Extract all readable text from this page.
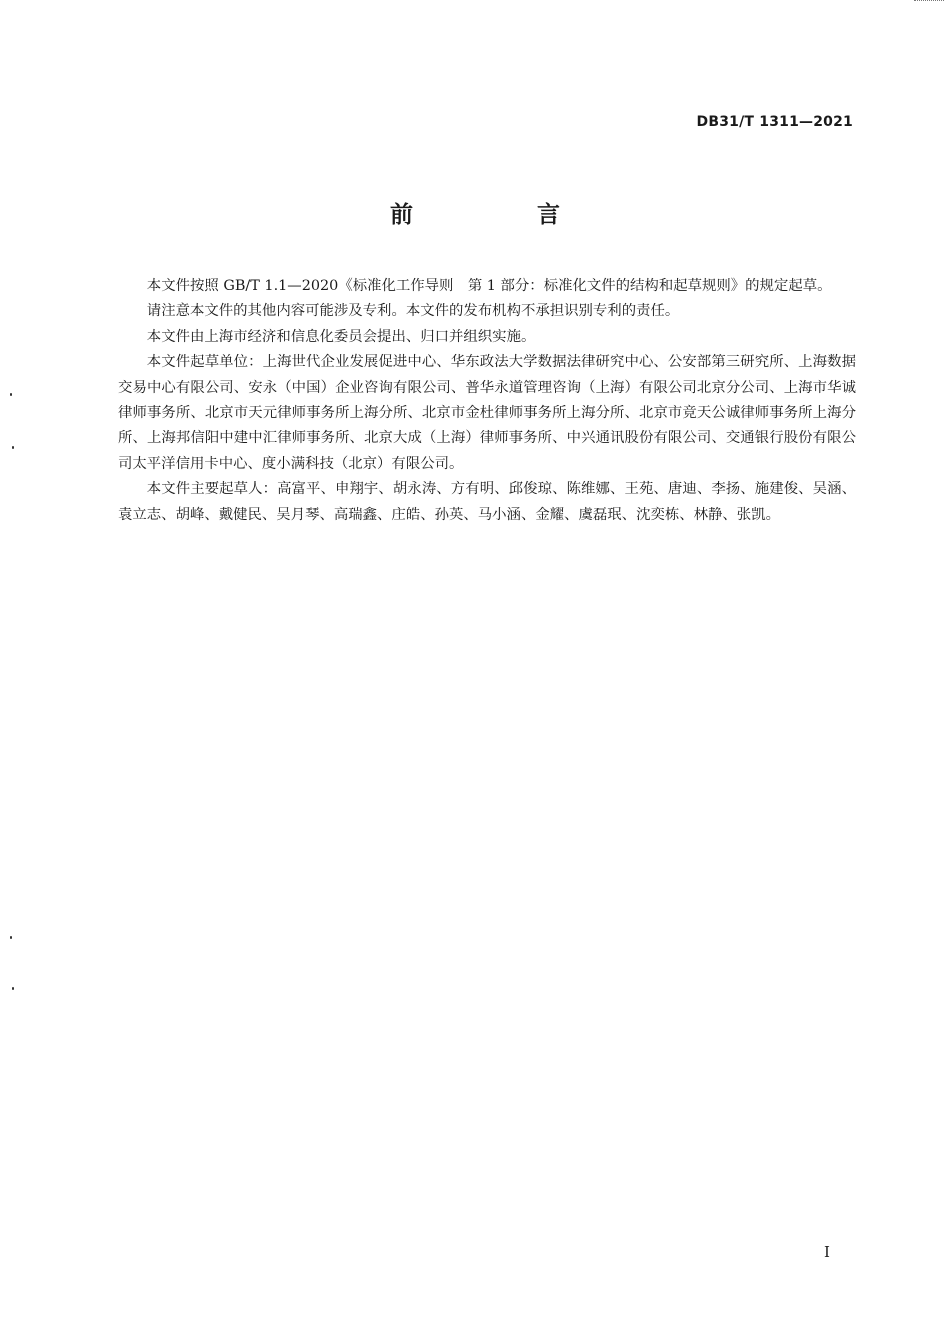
DB31/T 1311—2021
前 言

本文件按照 GB/T 1.1—2020《标准化工作导则　第 1 部分：标准化文件的结构和起草规则》的规定起草。

请注意本文件的其他内容可能涉及专利。本文件的发布机构不承担识别专利的责任。

本文件由上海市经济和信息化委员会提出、归口并组织实施。

本文件起草单位：上海世代企业发展促进中心、华东政法大学数据法律研究中心、公安部第三研究所、上海数据交易中心有限公司、安永（中国）企业咨询有限公司、普华永道管理咨询（上海）有限公司北京分公司、上海市华诚律师事务所、北京市天元律师事务所上海分所、北京市金杜律师事务所上海分所、北京市竞天公诚律师事务所上海分所、上海邦信阳中建中汇律师事务所、北京大成（上海）律师事务所、中兴通讯股份有限公司、交通银行股份有限公司太平洋信用卡中心、度小满科技（北京）有限公司。

本文件主要起草人：高富平、申翔宇、胡永涛、方有明、邱俊琼、陈维娜、王苑、唐迪、李扬、施建俊、吴涵、袁立志、胡峰、戴健民、吴月琴、高瑞鑫、庄皓、孙英、马小涵、金耀、虞磊珉、沈奕栋、林静、张凯。

I
